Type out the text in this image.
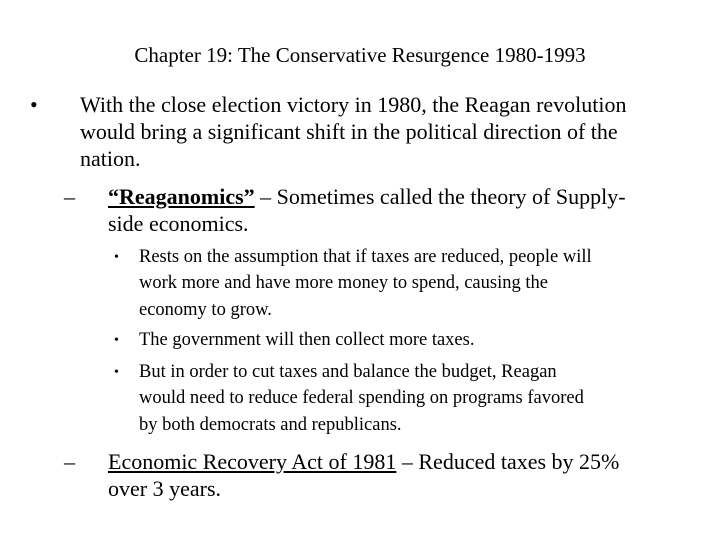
Chapter 19: The Conservative Resurgence 1980-1993
• With the close election victory in 1980, the Reagan revolution
would bring a significant shift in the political direction of the
nation.
– “Reaganomics” – Sometimes called the theory of Supply-
side economics.
• Rests on the assumption that if taxes are reduced, people will
work more and have more money to spend, causing the
economy to grow.
• The government will then collect more taxes.
• But in order to cut taxes and balance the budget, Reagan
would need to reduce federal spending on programs favored
by both democrats and republicans.
– Economic Recovery Act of 1981 – Reduced taxes by 25%
over 3 years.
